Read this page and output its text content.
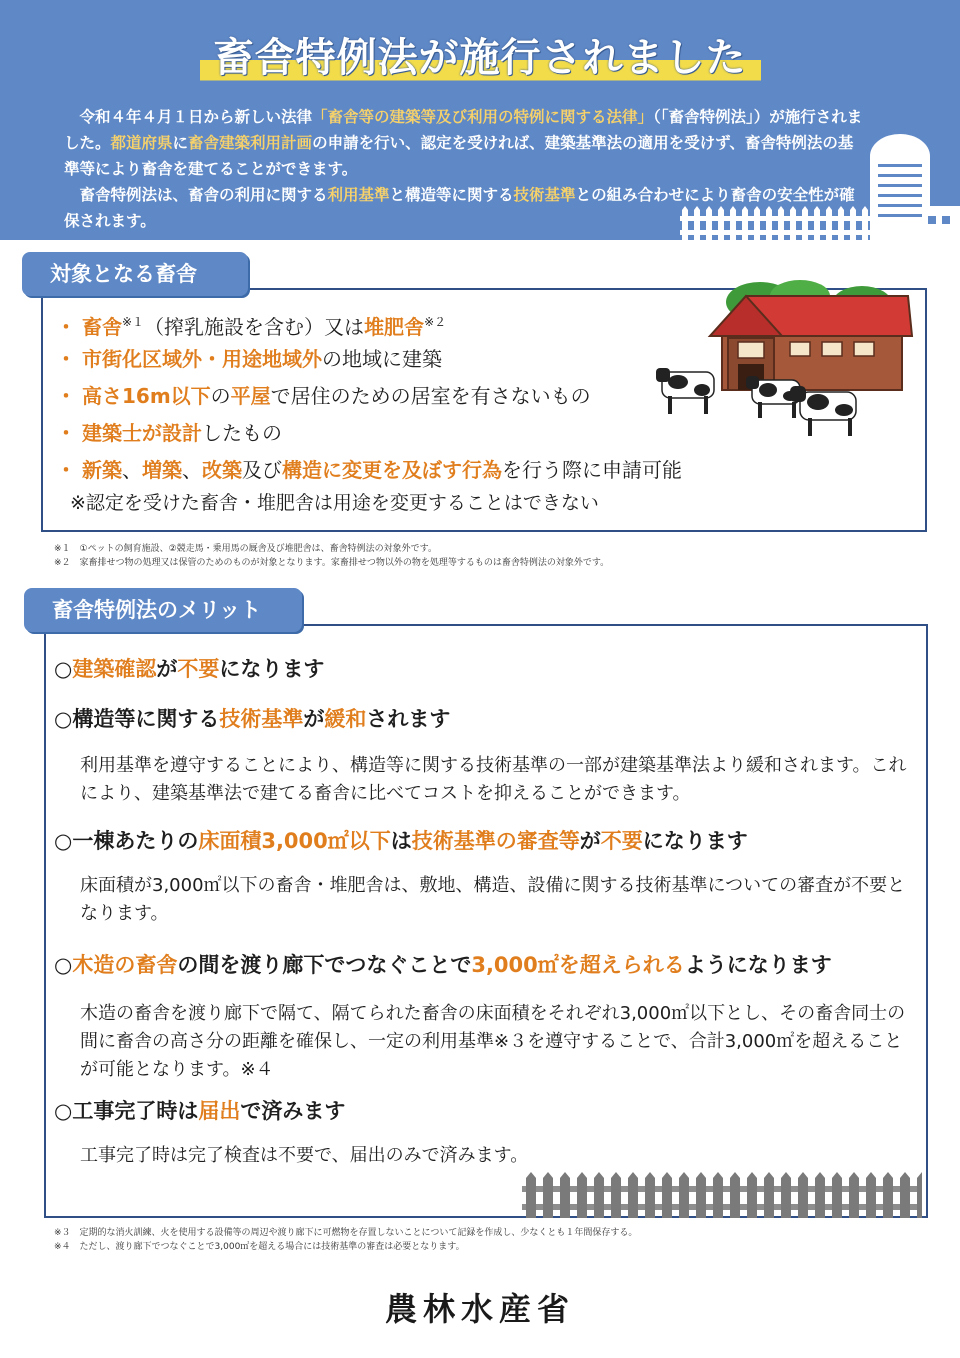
畜舎特例法が施行されました

令和４年４月１日から新しい法律「畜舎等の建築等及び利用の特例に関する法律」（「畜舎特例法」）が施行されました。都道府県に畜舎建築利用計画の申請を行い、認定を受ければ、建築基準法の適用を受けず、畜舎特例法の基準等により畜舎を建てることができます。

畜舎特例法は、畜舎の利用に関する利用基準と構造等に関する技術基準との組み合わせにより畜舎の安全性が確保されます。

対象となる畜舎
・ 畜舎$^{※1}$（搾乳施設を含む）又は堆肥舎$^{※2}$
・ 市街化区域外・用途地域外の地域に建築
・ 高さ16m以下の平屋で居住のための居室を有さないもの
・ 建築士が設計したもの
・ 新築、増築、改築及び構造に変更を及ぼす行為を行う際に申請可能
※認定を受けた畜舎・堆肥舎は用途を変更することはできない
※１　①ペットの飼育施設、②競走馬・乗用馬の厩舎及び堆肥舎は、畜舎特例法の対象外です。
※２　家畜排せつ物の処理又は保管のためのものが対象となります。家畜排せつ物以外の物を処理等するものは畜舎特例法の対象外です。
畜舎特例法のメリット
○建築確認が不要になります
○構造等に関する技術基準が緩和されます
利用基準を遵守することにより、構造等に関する技術基準の一部が建築基準法より緩和されます。これにより、建築基準法で建てる畜舎に比べてコストを抑えることができます。
○一棟あたりの床面積3,000㎡以下は技術基準の審査等が不要になります
床面積が3,000㎡以下の畜舎・堆肥舎は、敷地、構造、設備に関する技術基準についての審査が不要となります。
○木造の畜舎の間を渡り廊下でつなぐことで3,000㎡を超えられるようになります
木造の畜舎を渡り廊下で隔て、隔てられた畜舎の床面積をそれぞれ3,000㎡以下とし、その畜舎同士の間に畜舎の高さ分の距離を確保し、一定の利用基準※３を遵守することで、合計3,000㎡を超えることが可能となります。※４
○工事完了時は届出で済みます
工事完了時は完了検査は不要で、届出のみで済みます。
※３　定期的な消火訓練、火を使用する設備等の周辺や渡り廊下に可燃物を存置しないことについて記録を作成し、少なくとも１年間保存する。
※４　ただし、渡り廊下でつなぐことで3,000㎡を超える場合には技術基準の審査は必要となります。
農林水産省
